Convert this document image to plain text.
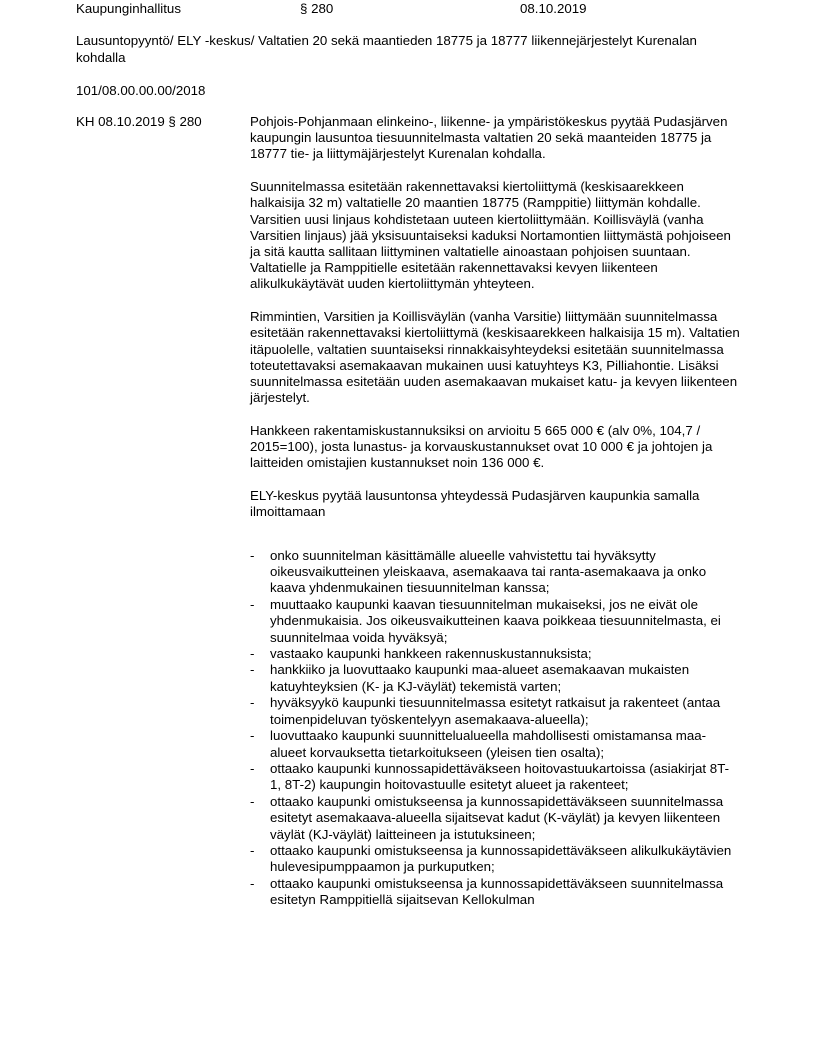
Kaupunginhallitus	§ 280	08.10.2019
Lausuntopyyntö/ ELY -keskus/ Valtatien 20 sekä maantieden 18775 ja 18777 liikennejärjestelyt Kurenalan kohdalla
101/08.00.00.00/2018
KH 08.10.2019 § 280	Pohjois-Pohjanmaan elinkeino-, liikenne- ja ympäristökeskus pyytää Pudasjärven kaupungin lausuntoa tiesuunnitelmasta valtatien 20 sekä maanteiden 18775 ja 18777 tie- ja liittymäjärjestelyt Kurenalan kohdalla.

Suunnitelmassa esitetään rakennettavaksi kiertoliittymä (keskisaarekkeen halkaisija 32 m) valtatielle 20 maantien 18775 (Ramppitie) liittymän kohdalle. Varsitien uusi linjaus kohdistetaan uuteen kiertoliittymään. Koillisväylä (vanha Varsitien linjaus) jää yksisuuntaiseksi kaduksi Nortamontien liittymästä pohjoiseen ja sitä kautta sallitaan liittyminen valtatielle ainoastaan pohjoisen suuntaan. Valtatielle ja Ramppitielle esitetään rakennettavaksi kevyen liikenteen alikulkukäytävät uuden kiertoliittymän yhteyteen.

Rimmintien, Varsitien ja Koillisväylän (vanha Varsitie) liittymään suunnitelmassa esitetään rakennettavaksi kiertoliittymä (keskisaarekkeen halkaisija 15 m). Valtatien itäpuolelle, valtatien suuntaiseksi rinnakkaisyhteydeksi esitetään suunnitelmassa toteutettavaksi asemakaavan mukainen uusi katuyhteys K3, Pilliahontie. Lisäksi suunnitelmassa esitetään uuden asemakaavan mukaiset katu- ja kevyen liikenteen järjestelyt.

Hankkeen rakentamiskustannuksiksi on arvioitu 5 665 000 € (alv 0%, 104,7 / 2015=100), josta lunastus- ja korvauskustannukset ovat 10 000 € ja johtojen ja laitteiden omistajien kustannukset noin 136 000 €.

ELY-keskus pyytää lausuntonsa yhteydessä Pudasjärven kaupunkia samalla ilmoittamaan

- onko suunnitelman käsittämälle alueelle vahvistettu tai hyväksytty oikeusvaikutteinen yleiskaava, asemakaava tai ranta-asemakaava ja onko kaava yhdenmukainen tiesuunnitelman kanssa;
- muuttaako kaupunki kaavan tiesuunnitelman mukaiseksi, jos ne eivät ole yhdenmukaisia. Jos oikeusvaikutteinen kaava poikkeaa tiesuunnitelmasta, ei suunnitelmaa voida hyväksyä;
- vastaako kaupunki hankkeen rakennuskustannuksista;
- hankkiiko ja luovuttaako kaupunki maa-alueet asemakaavan mukaisten katuyhteyksien (K- ja KJ-väylät) tekemistä varten;
- hyväksyykö kaupunki tiesuunnitelmassa esitetyt ratkaisut ja rakenteet (antaa toimenpideluvan työskentelyyn asemakaava-alueella);
- luovuttaako kaupunki suunnittelualueella mahdollisesti omistamansa maa-alueet korvauksetta tietarkoitukseen (yleisen tien osalta);
- ottaako kaupunki kunnossapidettäväkseen hoitovastuukartoissa (asiakirjat 8T-1, 8T-2) kaupungin hoitovastuulle esitetyt alueet ja rakenteet;
- ottaako kaupunki omistukseensa ja kunnossapidettäväkseen suunnitelmassa esitetyt asemakaava-alueella sijaitsevat kadut (K-väylät) ja kevyen liikenteen väylät (KJ-väylät) laitteineen ja istutuksineen;
- ottaako kaupunki omistukseensa ja kunnossapidettäväkseen alikulkukäytävien hulevesipumppaamon ja purkuputken;
- ottaako kaupunki omistukseensa ja kunnossapidettäväkseen suunnitelmassa esitetyn Ramppitiellä sijaitsevan Kellokulman
